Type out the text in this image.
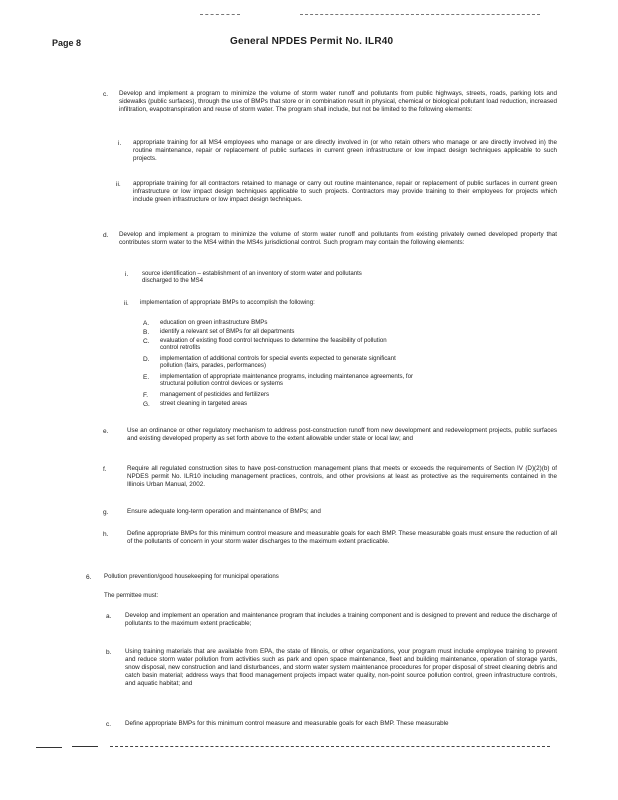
Page 8	General NPDES Permit No. ILR40
c. Develop and implement a program to minimize the volume of storm water runoff and pollutants from public highways, streets, roads, parking lots and sidewalks (public surfaces), through the use of BMPs that store or in combination result in physical, chemical or biological pollutant load reduction, increased infiltration, evapotranspiration and reuse of storm water. The program shall include, but not be limited to the following elements:
i. appropriate training for all MS4 employees who manage or are directly involved in (or who retain others who manage or are directly involved in) the routine maintenance, repair or replacement of public surfaces in current green infrastructure or low impact design techniques applicable to such projects.
ii. appropriate training for all contractors retained to manage or carry out routine maintenance, repair or replacement of public surfaces in current green infrastructure or low impact design techniques applicable to such projects. Contractors may provide training to their employees for projects which include green infrastructure or low impact design techniques.
d. Develop and implement a program to minimize the volume of storm water runoff and pollutants from existing privately owned developed property that contributes storm water to the MS4 within the MS4s jurisdictional control. Such program may contain the following elements:
i. source identification – establishment of an inventory of storm water and pollutants discharged to the MS4
ii. implementation of appropriate BMPs to accomplish the following:
A. education on green infrastructure BMPs
B. identify a relevant set of BMPs for all departments
C. evaluation of existing flood control techniques to determine the feasibility of pollution control retrofits
D. implementation of additional controls for special events expected to generate significant pollution (fairs, parades, performances)
E. implementation of appropriate maintenance programs, including maintenance agreements, for structural pollution control devices or systems
F. management of pesticides and fertilizers
G. street cleaning in targeted areas
e.	Use an ordinance or other regulatory mechanism to address post-construction runoff from new development and redevelopment projects, public surfaces and existing developed property as set forth above to the extent allowable under state or local law; and
f.	Require all regulated construction sites to have post-construction management plans that meets or exceeds the requirements of Section IV (D)(2)(b) of NPDES permit No. ILR10 including management practices, controls, and other provisions at least as protective as the requirements contained in the Illinois Urban Manual, 2002.
g.	Ensure adequate long-term operation and maintenance of BMPs; and
h.	Define appropriate BMPs for this minimum control measure and measurable goals for each BMP. These measurable goals must ensure the reduction of all of the pollutants of concern in your storm water discharges to the maximum extent practicable.
6. Pollution prevention/good housekeeping for municipal operations
The permittee must:
a. Develop and implement an operation and maintenance program that includes a training component and is designed to prevent and reduce the discharge of pollutants to the maximum extent practicable;
b. Using training materials that are available from EPA, the state of Illinois, or other organizations, your program must include employee training to prevent and reduce storm water pollution from activities such as park and open space maintenance, fleet and building maintenance, operation of storage yards, snow disposal, new construction and land disturbances, and storm water system maintenance procedures for proper disposal of street cleaning debris and catch basin material; address ways that flood management projects impact water quality, non-point source pollution control, green infrastructure controls, and aquatic habitat; and
c. Define appropriate BMPs for this minimum control measure and measurable goals for each BMP. These measurable
